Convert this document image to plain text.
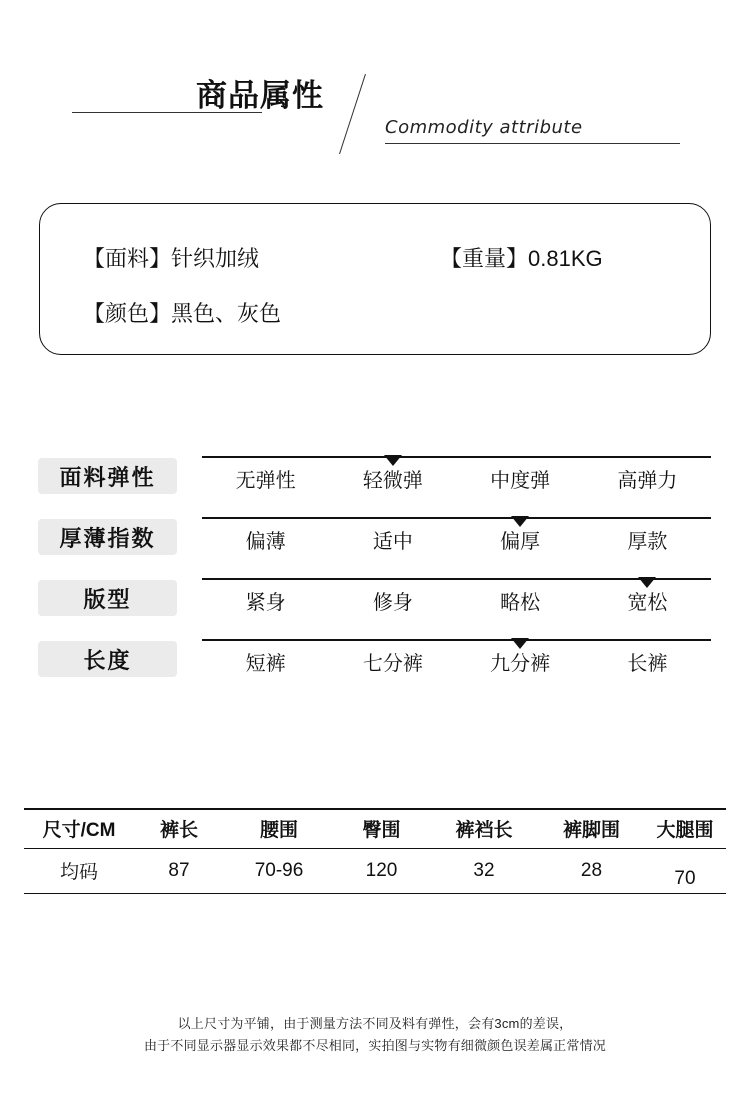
商品属性
Commodity attribute
【面料】针织加绒	【重量】0.81KG
【颜色】黑色、灰色
面料弹性	无弹性	轻微弹	中度弹	高弹力
厚薄指数	偏薄	适中	偏厚	厚款
版型	紧身	修身	略松	宽松
长度	短裤	七分裤	九分裤	长裤
尺寸/CM	裤长	腰围	臀围	裤裆长	裤脚围	大腿围
均码	87	70-96	120	32	28	70
以上尺寸为平铺，由于测量方法不同及料有弹性，会有3cm的差误，
由于不同显示器显示效果都不尽相同，实拍图与实物有细微颜色误差属正常情况
